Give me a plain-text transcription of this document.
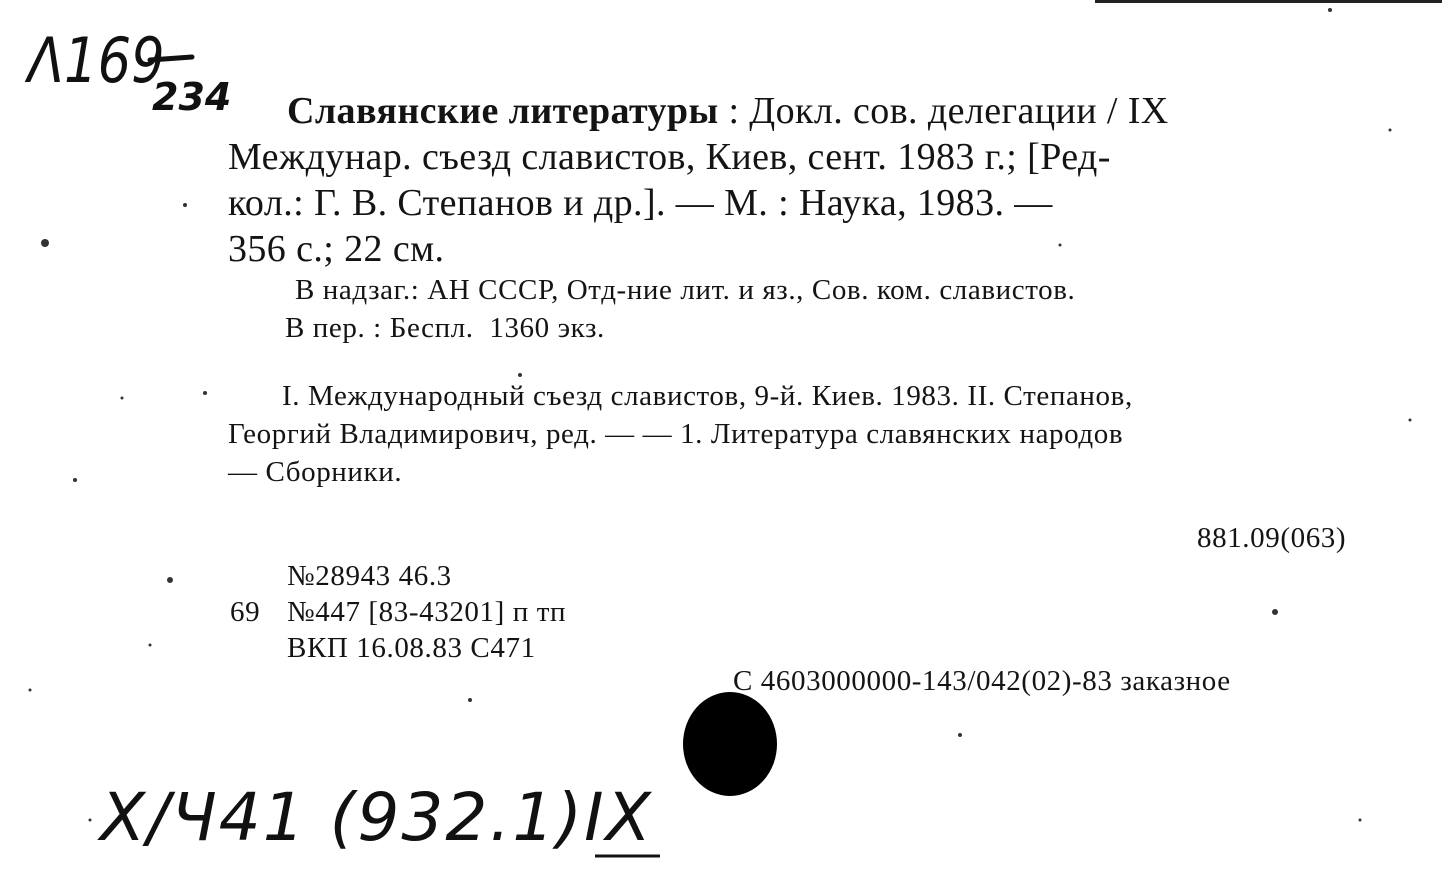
Λ169
234
X/Ч41 (932.1)IX
Славянские литературы : Докл. сов. делегации / IX
Междунар. съезд славистов, Киев, сент. 1983 г.; [Ред-
кол.: Г. В. Степанов и др.]. — М. : Наука, 1983. —
356 с.; 22 см.
В надзаг.: АН СССР, Отд-ние лит. и яз., Сов. ком. славистов.
В пер. : Беспл.  1360 экз.
I. Международный съезд славистов, 9-й. Киев. 1983. II. Степанов,
Георгий Владимирович, ред. — — 1. Литература славянских народов
— Сборники.
881.09(063)
№28943 46.3
69 №447 [83-43201] п тп
ВКП 16.08.83 С471
С 4603000000-143/042(02)-83 заказное
